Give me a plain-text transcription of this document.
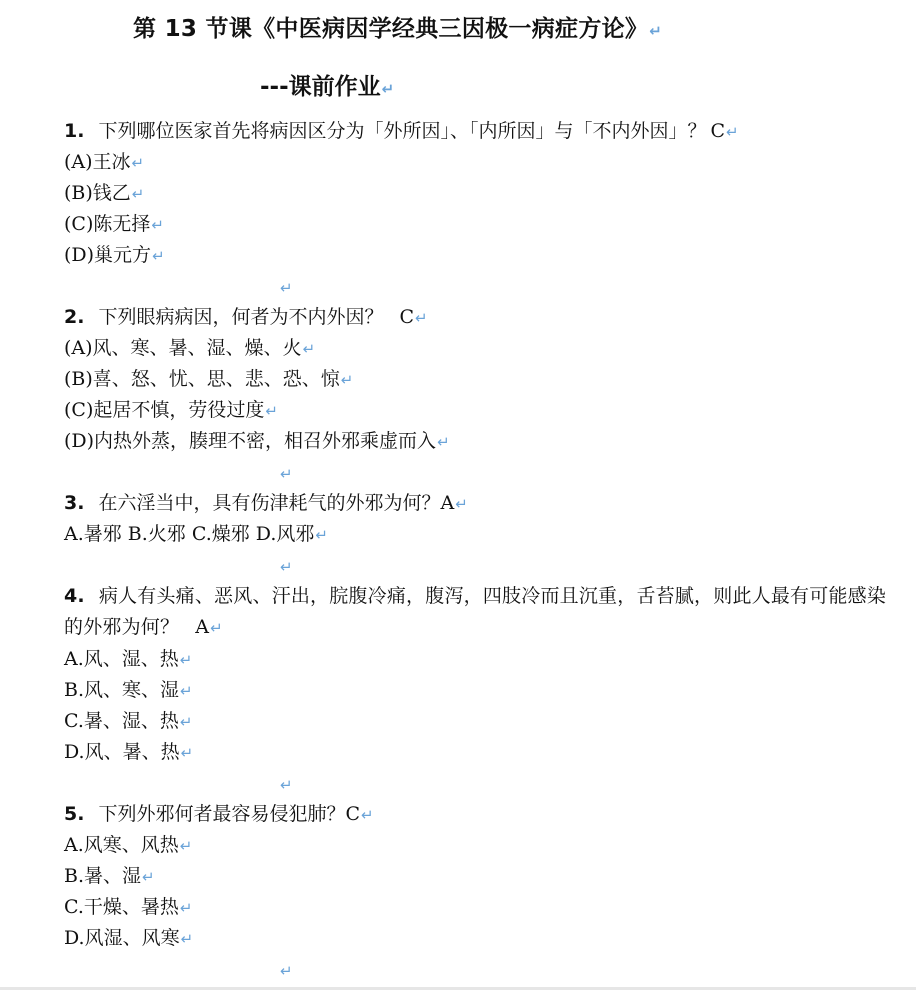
第 13 节课《中医病因学经典三因极一病症方论》↵
---课前作业↵
1. 下列哪位医家首先将病因区分为「外所因」、「内所因」与「不内外因」？ C↵
(A)王冰↵
(B)钱乙↵
(C)陈无择↵
(D)巢元方↵
↵
2. 下列眼病病因，何者为不内外因？ C↵
(A)风、寒、暑、湿、燥、火↵
(B)喜、怒、忧、思、悲、恐、惊↵
(C)起居不慎，劳役过度↵
(D)内热外蒸，腠理不密，相召外邪乘虚而入↵
↵
3. 在六淫当中，具有伤津耗气的外邪为何？A↵
A.暑邪 B.火邪 C.燥邪 D.风邪↵
↵
4. 病人有头痛、恶风、汗出，脘腹冷痛，腹泻，四肢冷而且沉重，舌苔腻，则此人最有可能感染的外邪为何？ A↵
A.风、湿、热↵
B.风、寒、湿↵
C.暑、湿、热↵
D.风、暑、热↵
↵
5. 下列外邪何者最容易侵犯肺？C↵
A.风寒、风热↵
B.暑、湿↵
C.干燥、暑热↵
D.风湿、风寒↵
↵
